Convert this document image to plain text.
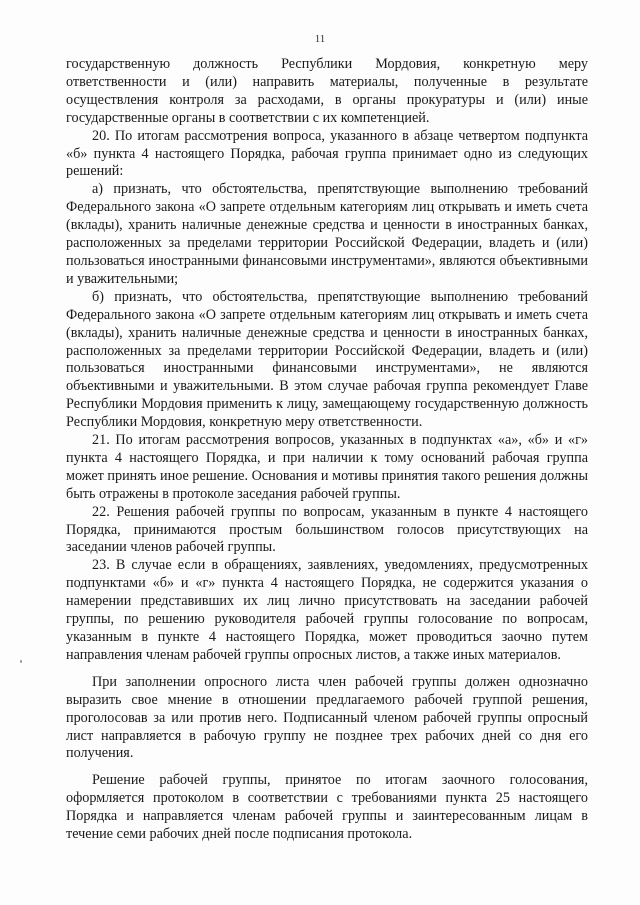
11

государственную должность Республики Мордовия, конкретную меру ответственности и (или) направить материалы, полученные в результате осуществления контроля за расходами, в органы прокуратуры и (или) иные государственные органы в соответствии с их компетенцией.

20. По итогам рассмотрения вопроса, указанного в абзаце четвертом подпункта «б» пункта 4 настоящего Порядка, рабочая группа принимает одно из следующих решений:

а) признать, что обстоятельства, препятствующие выполнению требований Федерального закона «О запрете отдельным категориям лиц открывать и иметь счета (вклады), хранить наличные денежные средства и ценности в иностранных банках, расположенных за пределами территории Российской Федерации, владеть и (или) пользоваться иностранными финансовыми инструментами», являются объективными и уважительными;

б) признать, что обстоятельства, препятствующие выполнению требований Федерального закона «О запрете отдельным категориям лиц открывать и иметь счета (вклады), хранить наличные денежные средства и ценности в иностранных банках, расположенных за пределами территории Российской Федерации, владеть и (или) пользоваться иностранными финансовыми инструментами», не являются объективными и уважительными. В этом случае рабочая группа рекомендует Главе Республики Мордовия применить к лицу, замещающему государственную должность Республики Мордовия, конкретную меру ответственности.

21. По итогам рассмотрения вопросов, указанных в подпунктах «а», «б» и «г» пункта 4 настоящего Порядка, и при наличии к тому оснований рабочая группа может принять иное решение. Основания и мотивы принятия такого решения должны быть отражены в протоколе заседания рабочей группы.

22. Решения рабочей группы по вопросам, указанным в пункте 4 настоящего Порядка, принимаются простым большинством голосов присутствующих на заседании членов рабочей группы.

23. В случае если в обращениях, заявлениях, уведомлениях, предусмотренных подпунктами «б» и «г» пункта 4 настоящего Порядка, не содержится указания о намерении представивших их лиц лично присутствовать на заседании рабочей группы, по решению руководителя рабочей группы голосование по вопросам, указанным в пункте 4 настоящего Порядка, может проводиться заочно путем направления членам рабочей группы опросных листов, а также иных материалов.

При заполнении опросного листа член рабочей группы должен однозначно выразить свое мнение в отношении предлагаемого рабочей группой решения, проголосовав за или против него. Подписанный членом рабочей группы опросный лист направляется в рабочую группу не позднее трех рабочих дней со дня его получения.

Решение рабочей группы, принятое по итогам заочного голосования, оформляется протоколом в соответствии с требованиями пункта 25 настоящего Порядка и направляется членам рабочей группы и заинтересованным лицам в течение семи рабочих дней после подписания протокола.
